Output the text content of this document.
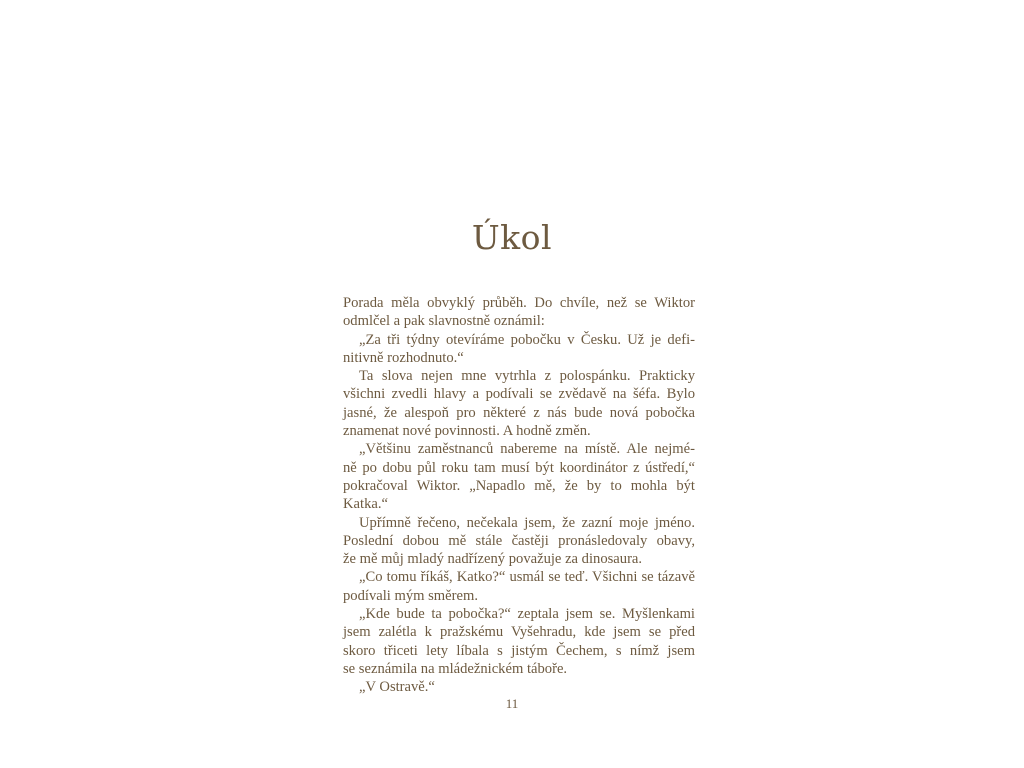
Úkol
Porada měla obvyklý průběh. Do chvíle, než se Wiktor
odmlčel a pak slavnostně oznámil:
„Za tři týdny otevíráme pobočku v Česku. Už je defi-
nitivně rozhodnuto.“
Ta slova nejen mne vytrhla z polospánku. Prakticky
všichni zvedli hlavy a podívali se zvědavě na šéfa. Bylo
jasné, že alespoň pro některé z nás bude nová pobočka
znamenat nové povinnosti. A hodně změn.
„Většinu zaměstnanců nabereme na místě. Ale nejmé-
ně po dobu půl roku tam musí být koordinátor z ústředí,“
pokračoval Wiktor. „Napadlo mě, že by to mohla být
Katka.“
Upřímně řečeno, nečekala jsem, že zazní moje jméno.
Poslední dobou mě stále častěji pronásledovaly obavy,
že mě můj mladý nadřízený považuje za dinosaura.
„Co tomu říkáš, Katko?“ usmál se teď. Všichni se tázavě
podívali mým směrem.
„Kde bude ta pobočka?“ zeptala jsem se. Myšlenkami
jsem zalétla k pražskému Vyšehradu, kde jsem se před
skoro třiceti lety líbala s jistým Čechem, s nímž jsem
se seznámila na mládežnickém táboře.
„V Ostravě.“
11
